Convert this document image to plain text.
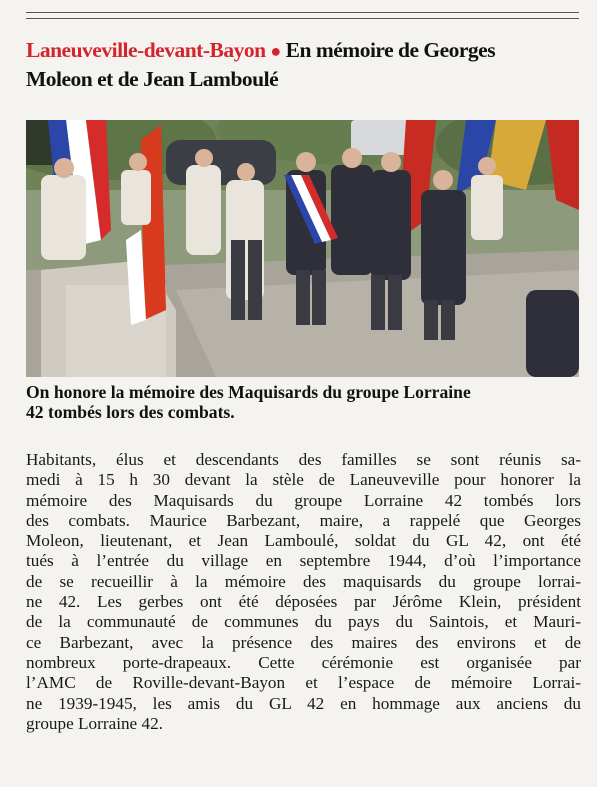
Laneuveville-devant-Bayon ● En mémoire de Georges
Moleon et de Jean Lamboulé
On honore la mémoire des Maquisards du groupe Lorraine
42 tombés lors des combats.
Habitants, élus et descendants des familles se sont réunis sa-
medi à 15 h 30 devant la stèle de Laneuveville pour honorer la
mémoire des Maquisards du groupe Lorraine 42 tombés lors
des combats. Maurice Barbezant, maire, a rappelé que Georges
Moleon, lieutenant, et Jean Lamboulé, soldat du GL 42, ont été
tués à l’entrée du village en septembre 1944, d’où l’importance
de se recueillir à la mémoire des maquisards du groupe lorrai-
ne 42. Les gerbes ont été déposées par Jérôme Klein, président
de la communauté de communes du pays du Saintois, et Mauri-
ce Barbezant, avec la présence des maires des environs et de
nombreux porte-drapeaux. Cette cérémonie est organisée par
l’AMC de Roville-devant-Bayon et l’espace de mémoire Lorrai-
ne 1939-1945, les amis du GL 42 en hommage aux anciens du
groupe Lorraine 42.
